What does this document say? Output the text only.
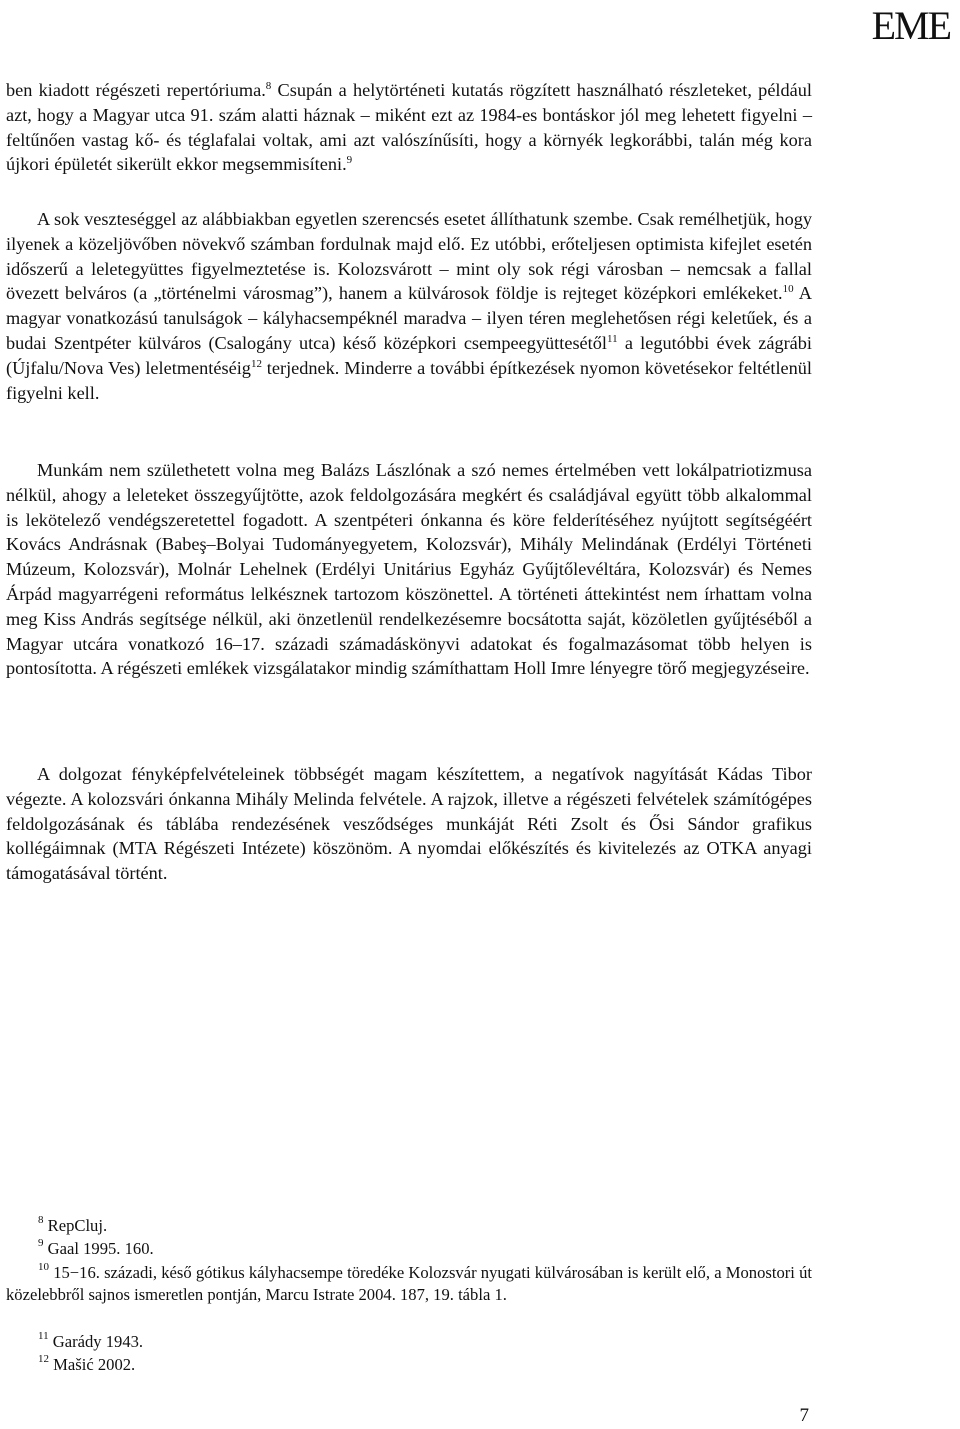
EME

ben kiadott régészeti repertóriuma.$^8$ Csupán a helytörténeti kutatás rögzített használható részleteket, például azt, hogy a Magyar utca 91. szám alatti háznak – miként ezt az 1984-es bontáskor jól meg lehetett figyelni – feltűnően vastag kő- és téglafalai voltak, ami azt valószínűsíti, hogy a környék legkorábbi, talán még kora újkori épületét sikerült ekkor megsemmisíteni.$^9$

A sok veszteséggel az alábbiakban egyetlen szerencsés esetet állíthatunk szembe. Csak remélhetjük, hogy ilyenek a közeljövőben növekvő számban fordulnak majd elő. Ez utóbbi, erőteljesen optimista kifejlet esetén időszerű a leletegyüttes figyelmeztetése is. Kolozsvárott – mint oly sok régi városban – nemcsak a fallal övezett belváros (a „történelmi városmag”), hanem a külvárosok földje is rejteget középkori emlékeket.$^{10}$ A magyar vonatkozású tanulságok – kályhacsempéknél maradva – ilyen téren meglehetősen régi keletűek, és a budai Szentpéter külváros (Csalogány utca) késő középkori csempeegyüttesétől$^{11}$ a legutóbbi évek zágrábi (Újfalu/Nova Ves) leletmentéséig$^{12}$ terjednek. Minderre a további építkezések nyomon követésekor feltétlenül figyelni kell.

Munkám nem születhetett volna meg Balázs Lászlónak a szó nemes értelmében vett lokálpatriotizmusa nélkül, ahogy a leleteket összegyűjtötte, azok feldolgozására megkért és családjával együtt több alkalommal is lekötelező vendégszeretettel fogadott. A szentpéteri ónkanna és köre felderítéséhez nyújtott segítségéért Kovács Andrásnak (Babeş–Bolyai Tudományegyetem, Kolozsvár), Mihály Melindának (Erdélyi Történeti Múzeum, Kolozsvár), Molnár Lehelnek (Erdélyi Unitárius Egyház Gyűjtőlevéltára, Kolozsvár) és Nemes Árpád magyarrégeni református lelkésznek tartozom köszönettel. A történeti áttekintést nem írhattam volna meg Kiss András segítsége nélkül, aki önzetlenül rendelkezésemre bocsátotta saját, közöletlen gyűjtéséből a Magyar utcára vonatkozó 16–17. századi számadáskönyvi adatokat és fogalmazásomat több helyen is pontosította. A régészeti emlékek vizsgálatakor mindig számíthattam Holl Imre lényegre törő megjegyzéseire.

A dolgozat fényképfelvételeinek többségét magam készítettem, a negatívok nagyítását Kádas Tibor végezte. A kolozsvári ónkanna Mihály Melinda felvétele. A rajzok, illetve a régészeti felvételek számítógépes feldolgozásának és táblába rendezésének vesződséges munkáját Réti Zsolt és Ősi Sándor grafikus kollégáimnak (MTA Régészeti Intézete) köszönöm. A nyomdai előkészítés és kivitelezés az OTKA anyagi támogatásával történt.

$^8$ RepCluj.
$^9$ Gaal 1995. 160.
$^{10}$ 15−16. századi, késő gótikus kályhacsempe töredéke Kolozsvár nyugati külvárosában is került elő, a Monostori út közelebbről sajnos ismeretlen pontján, Marcu Istrate 2004. 187, 19. tábla 1.
$^{11}$ Garády 1943.
$^{12}$ Mašić 2002.
7
